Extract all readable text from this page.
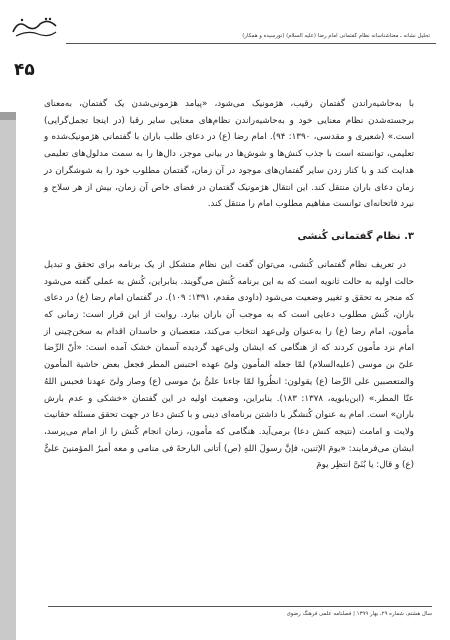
تحلیل نشانه ـ معناشناسانه نظام گفتمانی امام رضا (علیه السلام) (نورسیده و همکار)
۴۵

با به‌حاشیه‌راندن گفتمان رقیب، هژمونیک می‌شود، «پیامد هژمونی‌شدن یک گفتمان، به‌معنای برجسته‌شدن نظام معنایی خود و به‌حاشیه‌راندن نظام‌های معنایی سایر رقبا (در اینجا تجمل‌گرایی) است.» (شعیری و مقدسی، ۱۳۹۰: ۹۴). امام رضا (ع) در دعای طلب باران با گفتمانی هژمونیک‌شده و تعلیمی، توانسته است با جذب کنش‌ها و شوش‌ها در بیانی موجز، دال‌ها را به سمت مدلول‌های تعلیمی هدایت کند و با کنار زدن سایر گفتمان‌های موجود در آن زمان، گفتمان مطلوب خود را به شوشگران در زمان دعای باران منتقل کند. این انتقال هژمونیک گفتمان در فضای خاص آن زمان، بیش از هر سلاح و نیرد فاتحانه‌ای توانست مفاهیم مطلوب امام را منتقل کند.

۳. نظام گفتمانی کُنشی

در تعریف نظام گفتمانی کُنشی، می‌توان گفت این نظام متشکل از یک برنامه برای تحقق و تبدیل حالت اولیه به حالت ثانویه است که به این برنامه کُنش می‌گویند. بنابراین، کُنش به عملی گفته می‌شود که منجر به تحقق و تغییر وضعیت می‌شود (داودی مقدم، ۱۳۹۱: ۱۰۹). در گفتمان امام رضا (ع) در دعای باران، کُنش مطلوب دعایی است که به موجب آن باران ببارد. روایت از این قرار است: زمانی که مأمون، امام رضا (ع) را به‌عنوان ولی‌عهد انتخاب می‌کند، متعصبان و حاسدان اقدام به سخن‌چینی از امام نزد مأمون کردند که از هنگامی که ایشان ولی‌عهد گردیده آسمان خشک آمده است: «أنّ الرِّضا علیّ بن موسی (علیه‌السلام) لمّا جعله المأمون ولیّ عهده احتبس المطر فجعل بعض حاشیة المأمون والمتعصبین علی الرِّضا (ع) یقولون: انظُروا لمّا جاءنا علیُّ بنُ موسی (ع) وصار ولیّ عهدنا فحبس اللهُ عنّا المطر.» (ابن‌بابویه، ۱۳۷۸: ۱۸۳). بنابراین، وضعیت اولیه در این گفتمان «خشکی و عدم بارش باران» است. امام به عنوان کُنشگر با داشتن برنامه‌ای دینی و با کنش دعا در جهت تحقق مسئله حقانیت ولایت و امامت (نتیجه کنش دعا) برمی‌آید. هنگامی که مأمون، زمان انجام کُنش را از امام می‌پرسد، ایشان می‌فرمایند: «یومَ الإثنین، فإنَّ رسولَ اللهِ (ص) أتانی البارحةَ فی منامی و معه أمیرُ المؤمنینَ علیٌّ (ع) و قال: یا بُنَیَّ انتظِر یومَ

سال هشتم، شماره ۲۹، بهار ۱۳۹۹ | فصلنامه علمی فرهنگ رضوی
